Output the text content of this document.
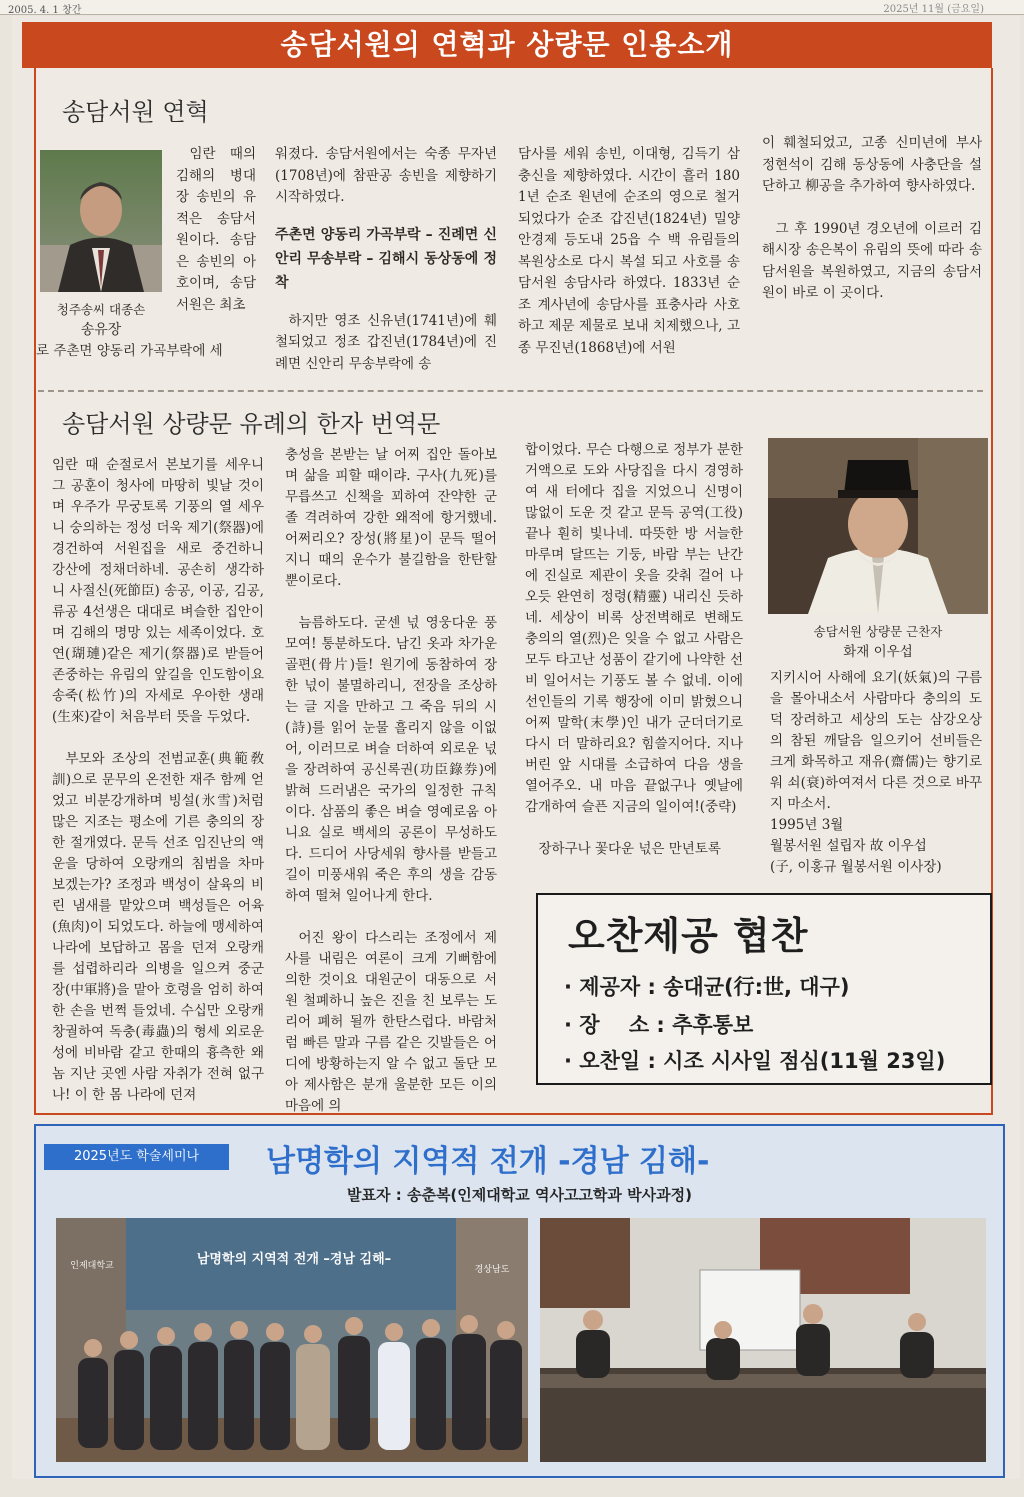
2005. 4. 1 창간	2025년 11월 (금요일)
송담서원의 연혁과 상량문 인용소개
송담서원 연혁
청주송씨 대종손
송유장

임란 때의 김해의 병대장 송빈의 유적은 송담서원이다. 송담은 송빈의 아호이며, 송담서원은 최초

로 주촌면 양동리 가곡부락에 세

워졌다. 송담서원에서는 숙종 무자년(1708년)에 참판공 송빈을 제향하기 시작하였다.

주촌면 양동리 가곡부락 – 진례면 신안리 무송부락 – 김해시 동상동에 정착

하지만 영조 신유년(1741년)에 훼철되었고 정조 갑진년(1784년)에 진례면 신안리 무송부락에 송

담사를 세워 송빈, 이대형, 김득기 삼충신을 제향하였다. 시간이 흘러 1801년 순조 원년에 순조의 영으로 철거되었다가 순조 갑진년(1824년) 밀양 안경제 등도내 25읍 수 백 유림들의 복원상소로 다시 복설 되고 사호를 송담서원 송담사라 하였다. 1833년 순조 계사년에 송담사를 표충사라 사호하고 제문 제물로 보내 치제했으나, 고종 무진년(1868년)에 서원

이 훼철되었고, 고종 신미년에 부사 정현석이 김해 동상동에 사충단을 설단하고 柳공을 추가하여 향사하였다.

그 후 1990년 경오년에 이르러 김해시장 송은복이 유림의 뜻에 따라 송담서원을 복원하였고, 지금의 송담서원이 바로 이 곳이다.

송담서원 상량문 유례의 한자 번역문

임란 때 순절로서 본보기를 세우니 그 공훈이 청사에 마땅히 빛날 것이며 우주가 무궁토록 기풍의 열 세우니 숭의하는 정성 더욱 제기(祭器)에 경건하여 서원집을 새로 중건하니 강산에 정채더하네. 공손히 생각하니 사절신(死節臣) 송공, 이공, 김공, 류공 4선생은 대대로 벼슬한 집안이며 김해의 명망 있는 세족이었다. 호연(瑚璉)같은 제기(祭器)로 받들어 존중하는 유림의 앞길을 인도함이요 송죽(松竹)의 자세로 우아한 생래(生來)같이 처음부터 뜻을 두었다.

부모와 조상의 전범교훈(典範敎訓)으로 문무의 온전한 재주 함께 얻었고 비분강개하며 빙설(氷雪)처럼 많은 지조는 평소에 기른 충의의 장한 절개였다. 문득 선조 임진난의 액운을 당하여 오랑캐의 침범을 차마 보겠는가? 조정과 백성이 살육의 비린 냄새를 맡았으며 백성들은 어육(魚肉)이 되었도다. 하늘에 맹세하여 나라에 보답하고 몸을 던져 오랑캐를 섭렵하리라 의병을 일으켜 중군장(中軍將)을 맡아 호령을 엄히 하여 한 손을 번쩍 들었네. 수십만 오랑캐 창궐하여 독충(毒蟲)의 형세 외로운 성에 비바람 같고 한때의 흉측한 왜놈 지난 곳엔 사람 자취가 전혀 없구나! 이 한 몸 나라에 던져

충성을 본받는 날 어찌 집안 돌아보며 삶을 피할 때이랴. 구사(九死)를 무릅쓰고 신책을 꾀하여 잔약한 군졸 격려하여 강한 왜적에 항거했네. 어쩌리오? 장성(將星)이 문득 떨어지니 때의 운수가 불길함을 한탄할 뿐이로다.

늠름하도다. 굳센 넋 영웅다운 풍모여! 통분하도다. 남긴 옷과 차가운 골편(骨片)들! 원기에 동참하여 장한 넋이 불멸하리니, 전장을 조상하는 글 지을 만하고 그 죽음 뒤의 시(詩)를 읽어 눈물 흘리지 않을 이없어, 이러므로 벼슬 더하여 외로운 넋을 장려하여 공신록권(功臣錄券)에 밝혀 드러냄은 국가의 일정한 규칙이다. 삼품의 좋은 벼슬 영예로움 아니요 실로 백세의 공론이 무성하도다. 드디어 사당세워 향사를 받들고 길이 미풍새워 죽은 후의 생을 감동하여 떨쳐 일어나게 한다.

어진 왕이 다스리는 조정에서 제사를 내림은 여론이 크게 기뻐함에 의한 것이요 대원군이 대동으로 서원 철폐하니 높은 진을 친 보루는 도리어 폐허 될까 한탄스럽다. 바람처럼 빠른 말과 구름 같은 깃발들은 어디에 방황하는지 알 수 없고 돌단 모아 제사함은 분개 울분한 모든 이의 마음에 의

합이었다. 무슨 다행으로 정부가 분한 거액으로 도와 사당집을 다시 경영하여 새 터에다 집을 지었으니 신명이 많없이 도운 것 같고 문득 공역(工役) 끝나 훤히 빛나네. 따뜻한 방 서늘한 마루며 달뜨는 기둥, 바람 부는 난간에 진실로 제관이 옷을 갖춰 걸어 나오듯 완연히 정령(精靈) 내리신 듯하네. 세상이 비록 상전벽해로 변해도 충의의 열(烈)은 잊을 수 없고 사람은 모두 타고난 성품이 같기에 나약한 선비 일어서는 기풍도 볼 수 없네. 이에 선인들의 기록 행장에 이미 밝혔으니 어찌 말학(末學)인 내가 군더더기로 다시 더 말하리요? 힘쓸지어다. 지나버린 앞 시대를 소급하여 다음 생을 열어주오. 내 마음 끝없구나 옛날에 감개하여 슬픈 지금의 일이여!(중략)

장하구나 꽃다운 넋은 만년토록

송담서원 상량문 근찬자
화재 이우섭

지키시어 사해에 요기(妖氣)의 구름을 몰아내소서 사람마다 충의의 도덕 장려하고 세상의 도는 삼강오상의 참된 깨달음 일으키어 선비들은 크게 화목하고 재유(齋儒)는 향기로워 쇠(衰)하여져서 다른 것으로 바꾸지 마소서.

1995년 3월
월봉서원 설립자 故 이우섭
(子, 이홍규 월봉서원 이사장)
오찬제공 협찬
· 제공자 : 송대균(行:世, 대구)
· 장    소 : 추후통보
· 오찬일 : 시조 시사일 점심(11월 23일)
2025년도 학술세미나	남명학의 지역적 전개 -경남 김해-
발표자 : 송춘복(인제대학교 역사고고학과 박사과정)
남명학의 지역적 전개 –경남 김해–
인제대학교	경상남도
